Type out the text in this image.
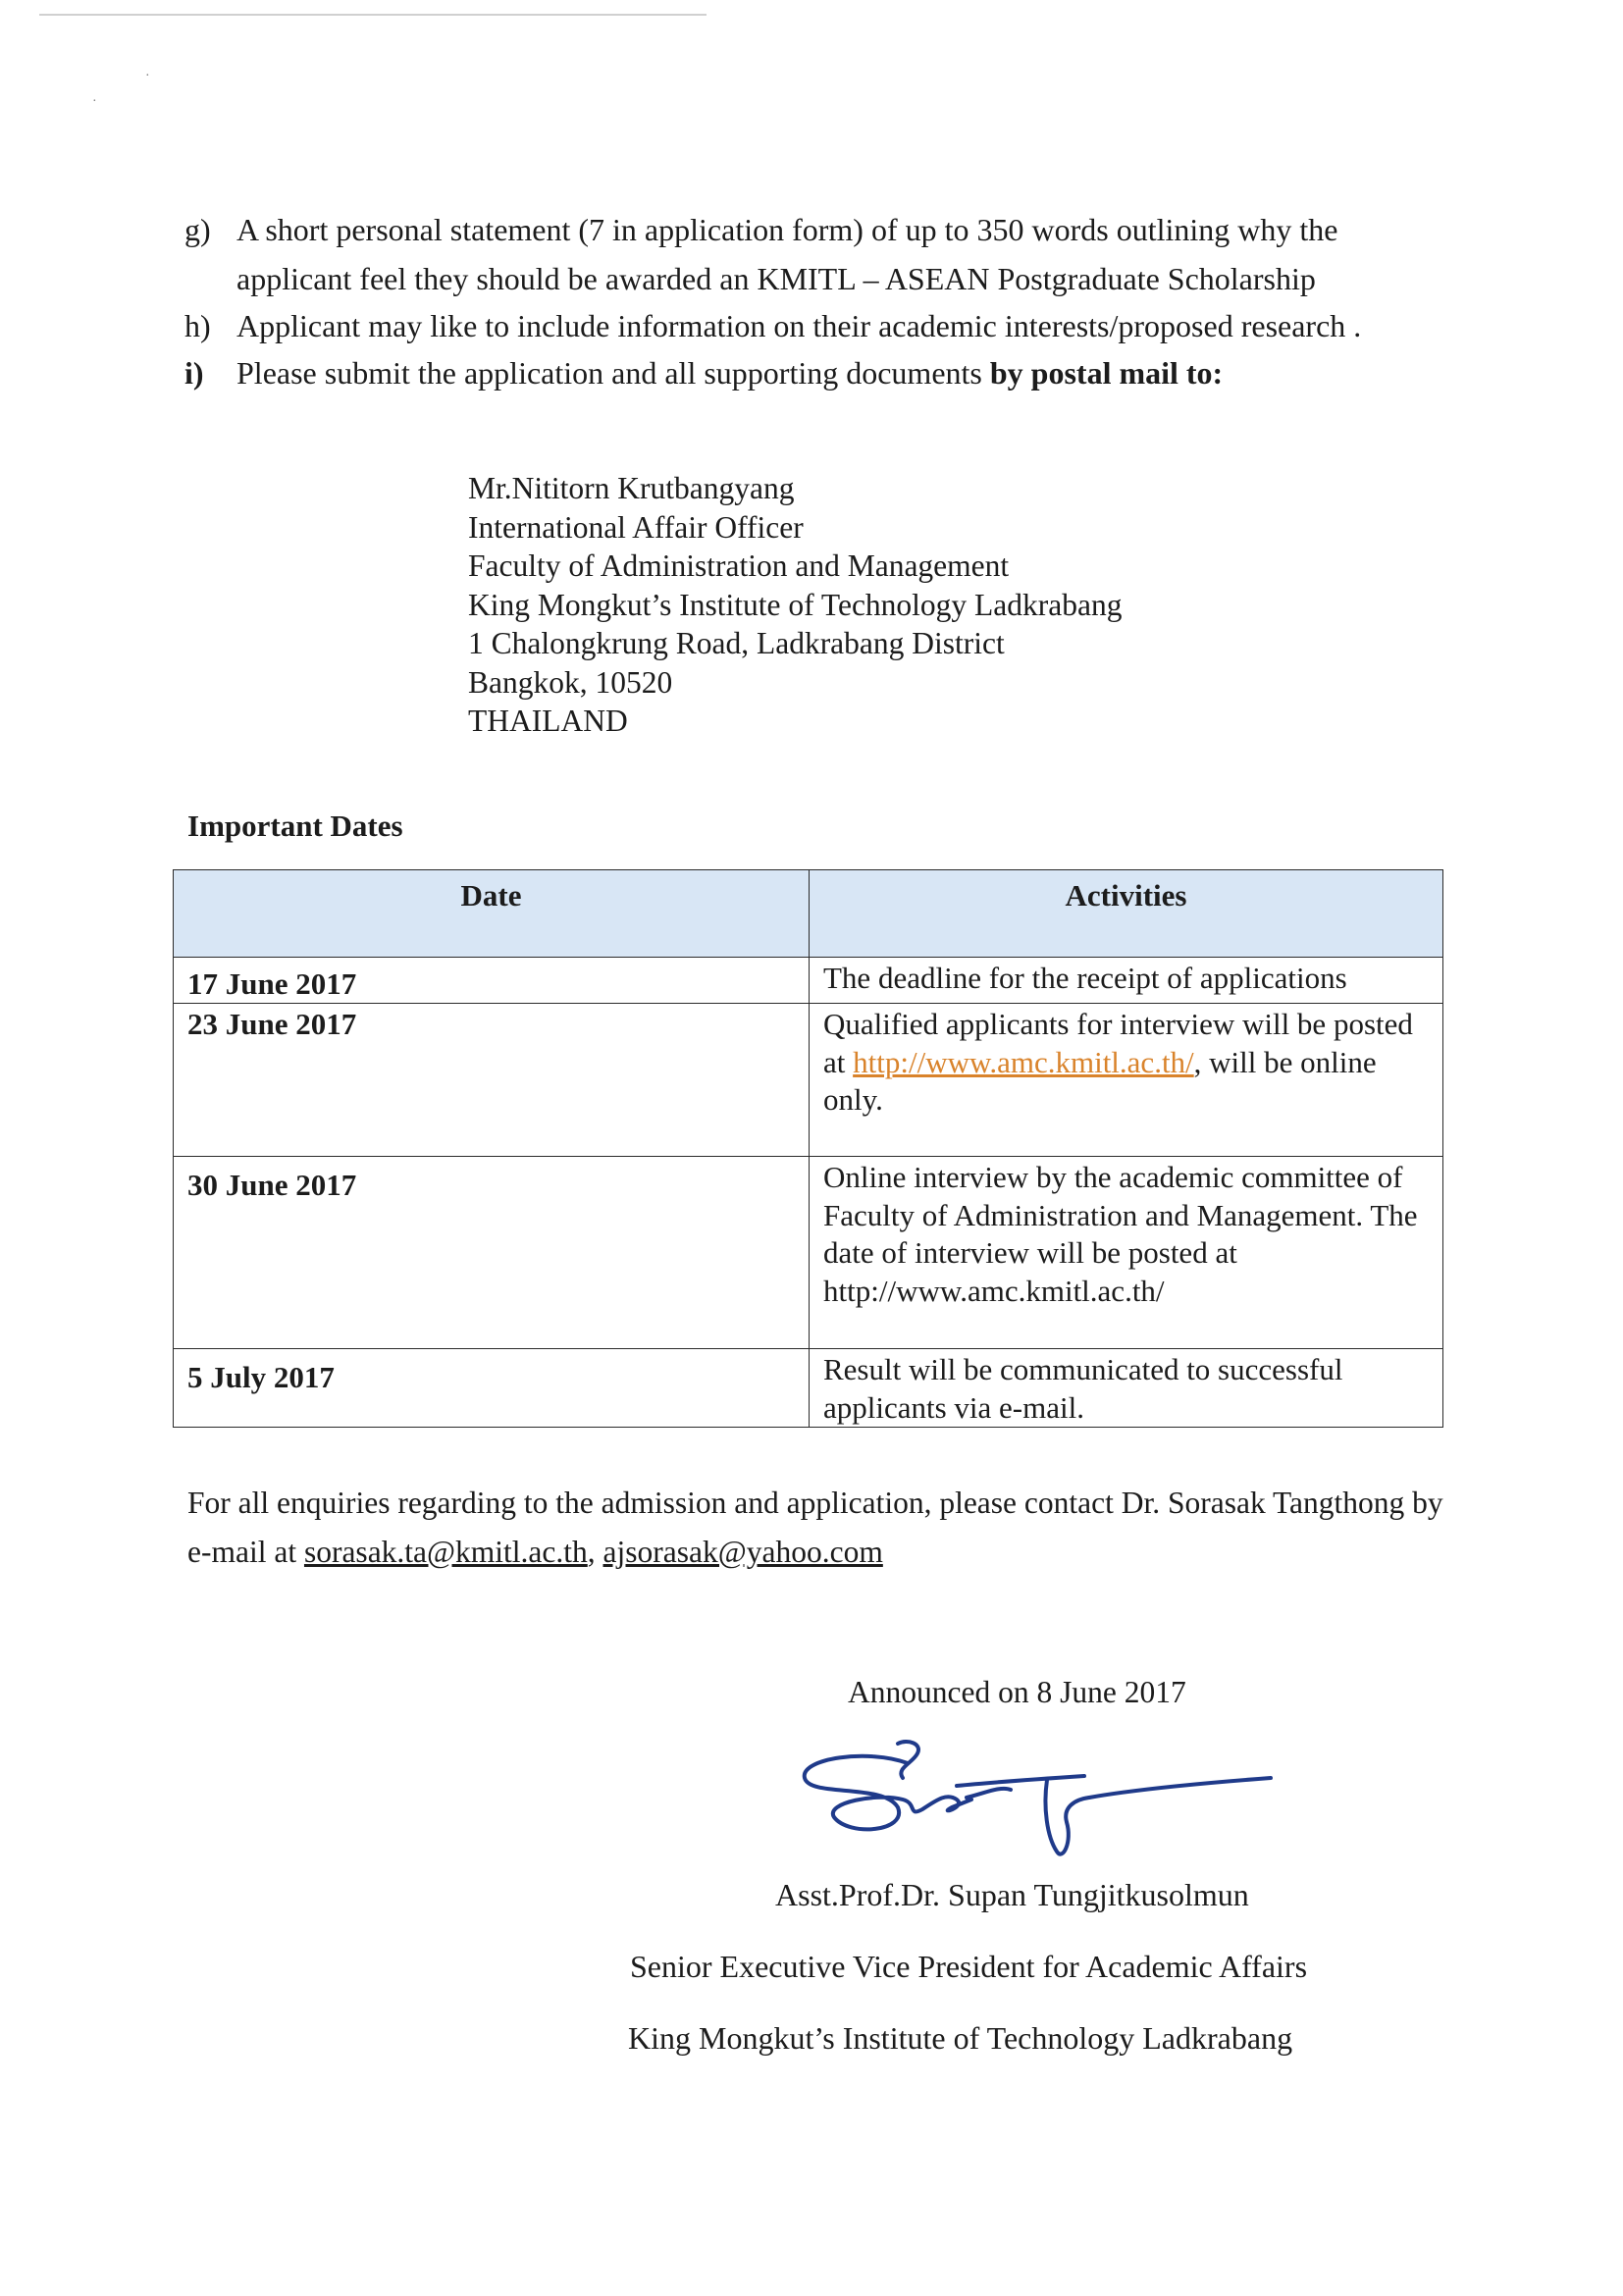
·
·
g) A short personal statement (7 in application form) of up to 350 words outlining why the
applicant feel they should be awarded an KMITL – ASEAN Postgraduate Scholarship
h) Applicant may like to include information on their academic interests/proposed research .
i) Please submit the application and all supporting documents by postal mail to:
Mr.Nititorn Krutbangyang
International Affair Officer
Faculty of Administration and Management
King Mongkut’s Institute of Technology Ladkrabang
1 Chalongkrung Road, Ladkrabang District
Bangkok, 10520
THAILAND
Important Dates
Date	Activities
17 June 2017	The deadline for the receipt of applications
23 June 2017	Qualified applicants for interview will be posted at http://www.amc.kmitl.ac.th/, will be online only.
30 June 2017	Online interview by the academic committee of Faculty of Administration and Management. The date of interview will be posted at http://www.amc.kmitl.ac.th/
5 July 2017	Result will be communicated to successful applicants via e-mail.
For all enquiries regarding to the admission and application, please contact Dr. Sorasak Tangthong by e-mail at sorasak.ta@kmitl.ac.th, ajsorasak@yahoo.com
Announced on 8 June 2017
Asst.Prof.Dr. Supan Tungjitkusolmun
Senior Executive Vice President for Academic Affairs
King Mongkut’s Institute of Technology Ladkrabang
